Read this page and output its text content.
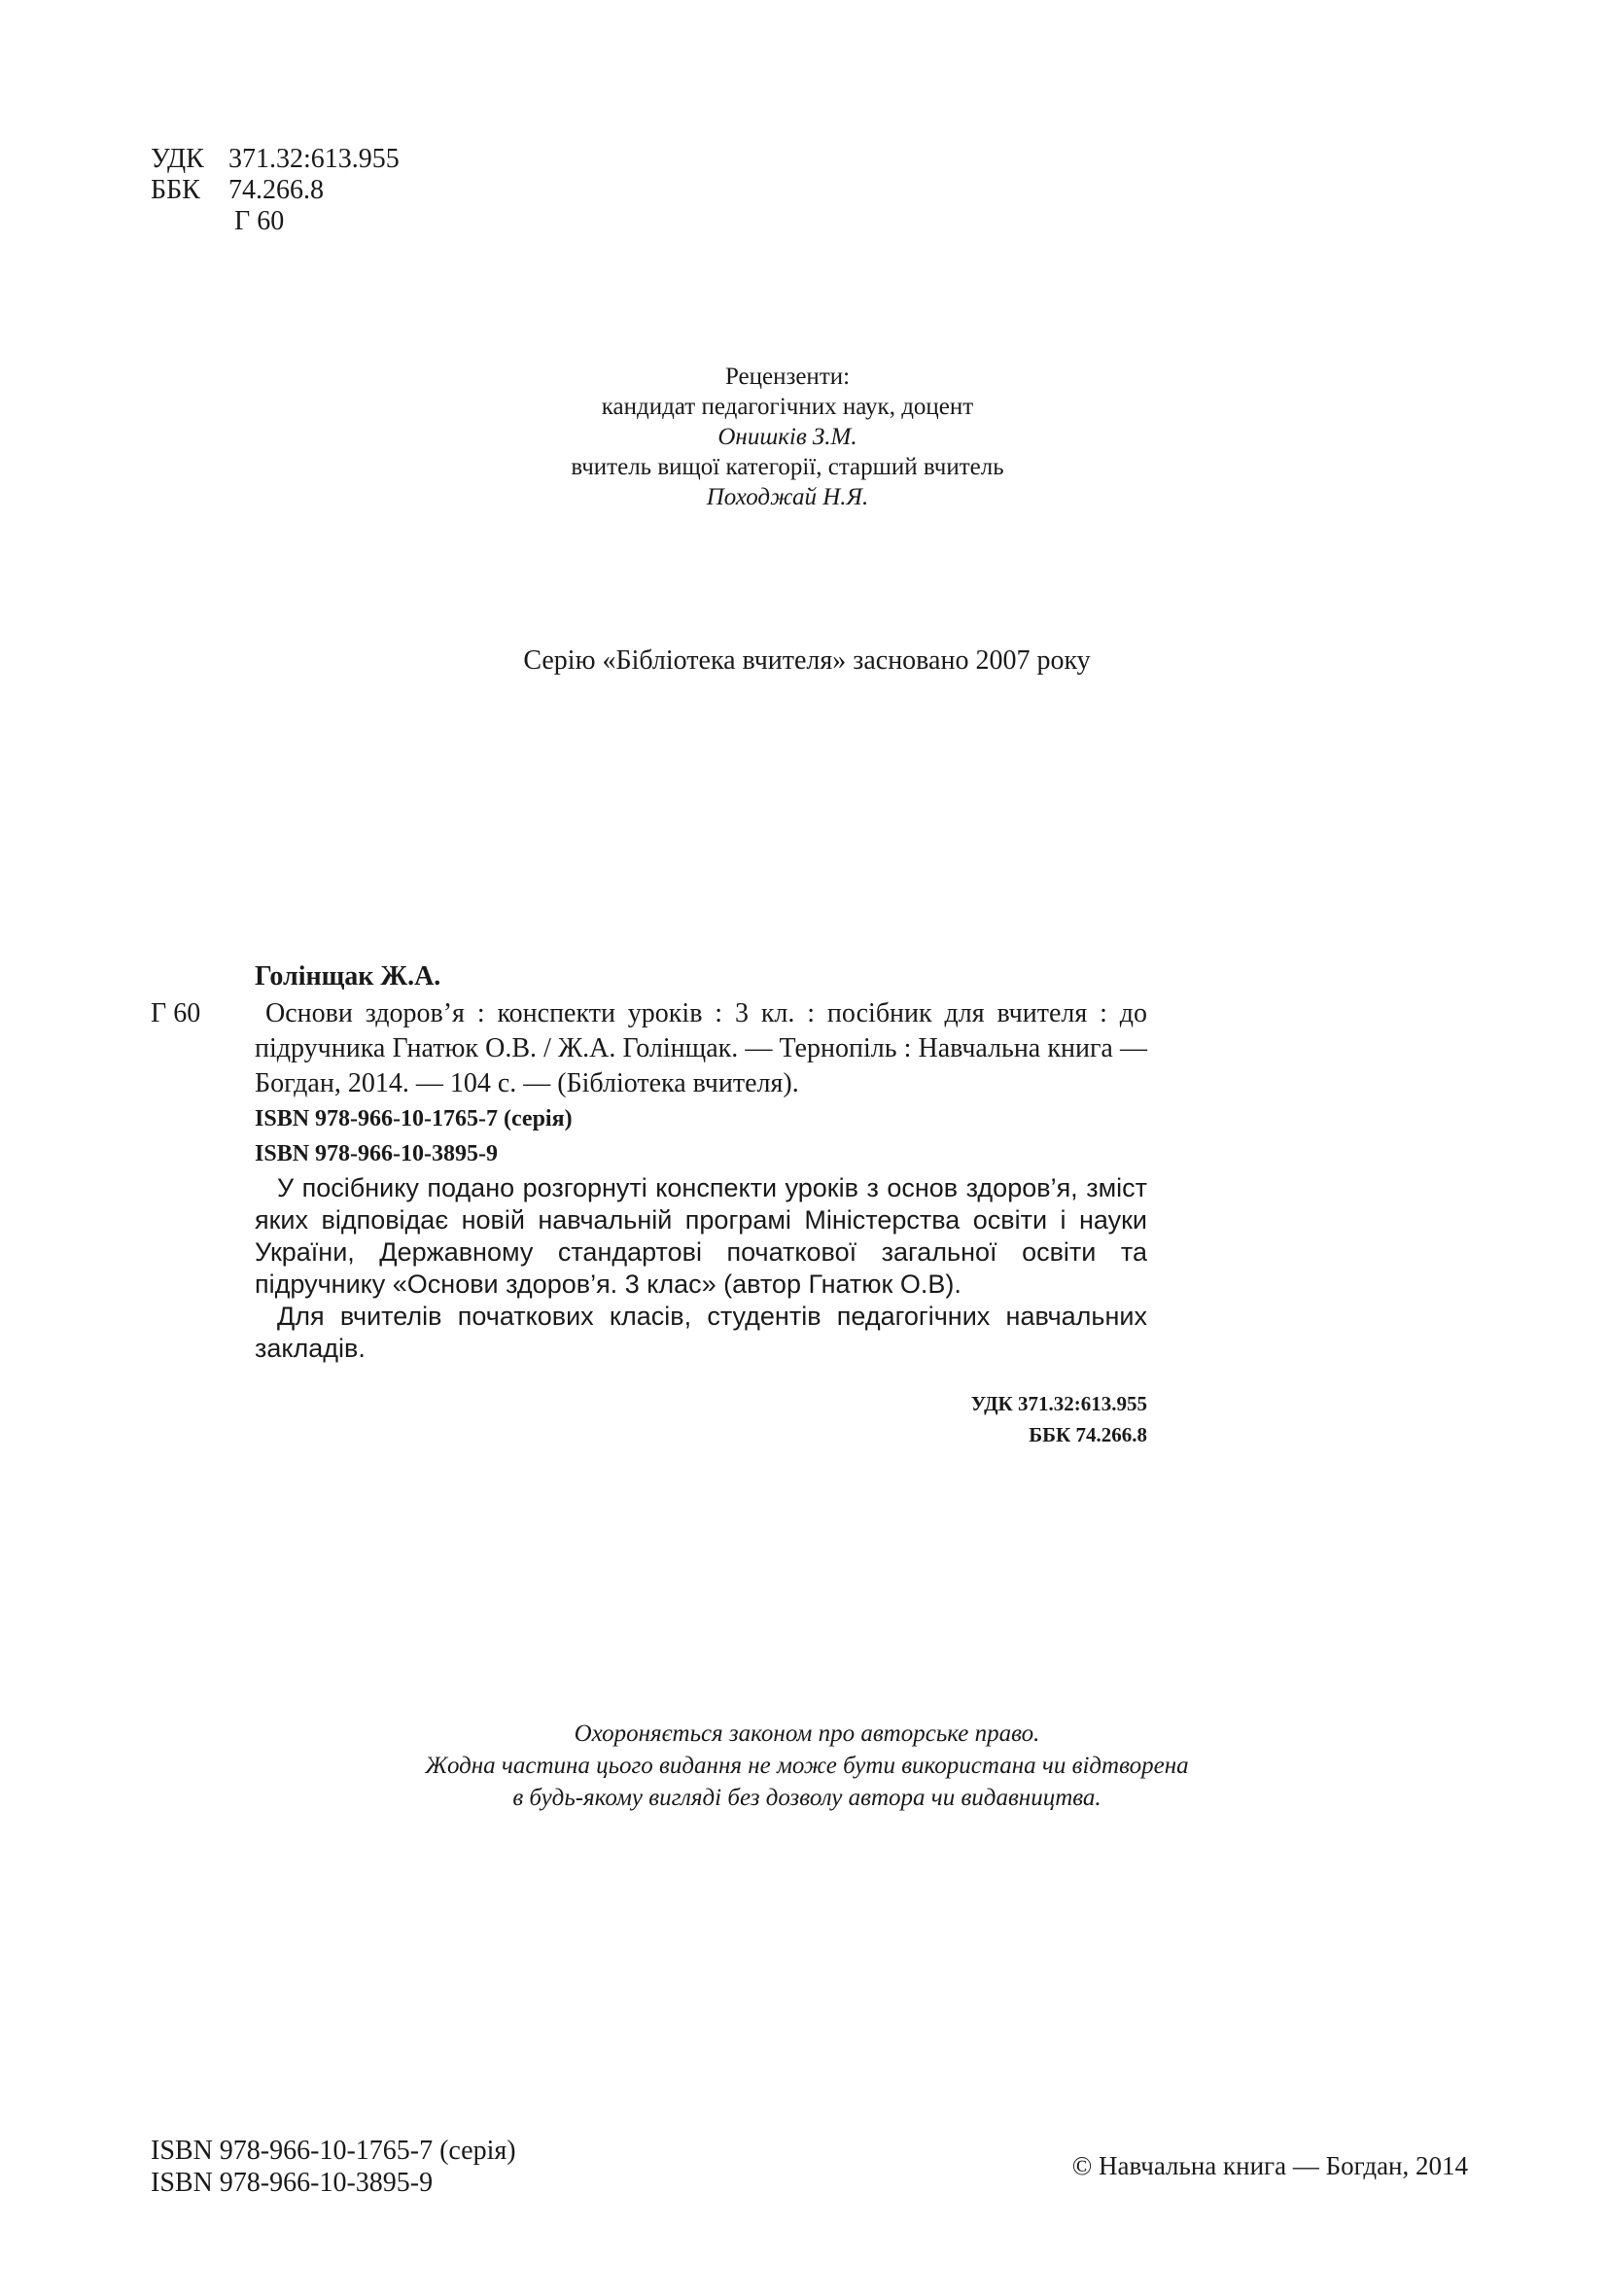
УДК 371.32:613.955
ББК 74.266.8
Г 60
Рецензенти:
кандидат педагогічних наук, доцент
Онишків З.М.
вчитель вищої категорії, старший вчитель
Походжай Н.Я.
Серію «Бібліотека вчителя» засновано 2007 року
Голінщак Ж.А.
Г 60	Основи здоров’я : конспекти уроків : 3 кл. : посібник для вчителя : до підручника Гнатюк О.В. / Ж.А. Голінщак. — Тернопіль : Навчальна книга — Богдан, 2014. — 104 с. — (Бібліотека вчителя).
ISBN 978-966-10-1765-7 (серія)
ISBN 978-966-10-3895-9

У посібнику подано розгорнуті конспекти уроків з основ здоров’я, зміст яких відповідає новій навчальній програмі Міністерства освіти і науки України, Державному стандартові початкової загальної освіти та підручнику «Основи здоров’я. 3 клас» (автор Гнатюк О.В).

Для вчителів початкових класів, студентів педагогічних навчальних закладів.

УДК 371.32:613.955
ББК 74.266.8
Охороняється законом про авторське право.
Жодна частина цього видання не може бути використана чи відтворена
в будь-якому вигляді без дозволу автора чи видавництва.
ISBN 978-966-10-1765-7 (серія)
ISBN 978-966-10-3895-9
© Навчальна книга — Богдан, 2014
